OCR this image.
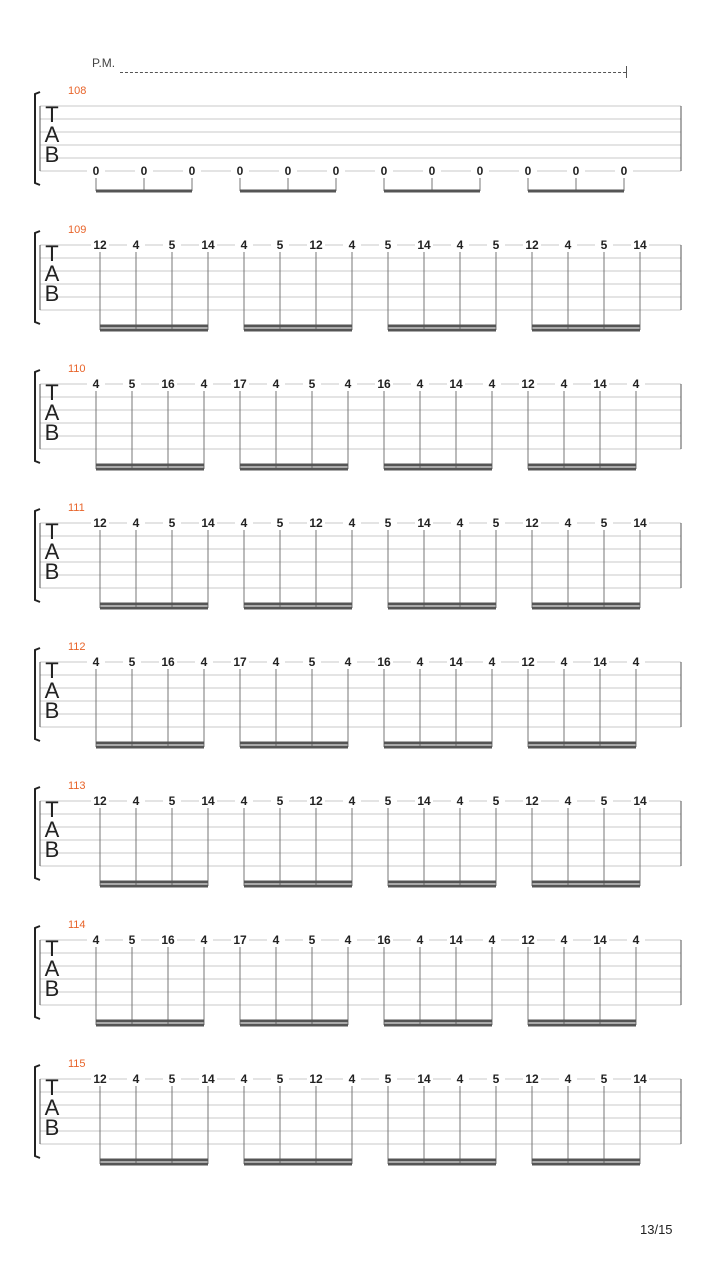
P.M.
108
T
A
B
0	0	0	0	0	0	0	0	0	0	0	0
109
T
A
B
12 4 5 14 4 5 12 4 5 14 4 5 12 4 5 14
110
T
A
B
4 5 16 4 17 4 5 4 16 4 14 4 12 4 14 4
111
T
A
B
12 4 5 14 4 5 12 4 5 14 4 5 12 4 5 14
112
T
A
B
4 5 16 4 17 4 5 4 16 4 14 4 12 4 14 4
113
T
A
B
12 4 5 14 4 5 12 4 5 14 4 5 12 4 5 14
114
T
A
B
4 5 16 4 17 4 5 4 16 4 14 4 12 4 14 4
115
T
A
B
12 4 5 14 4 5 12 4 5 14 4 5 12 4 5 14
13/15
